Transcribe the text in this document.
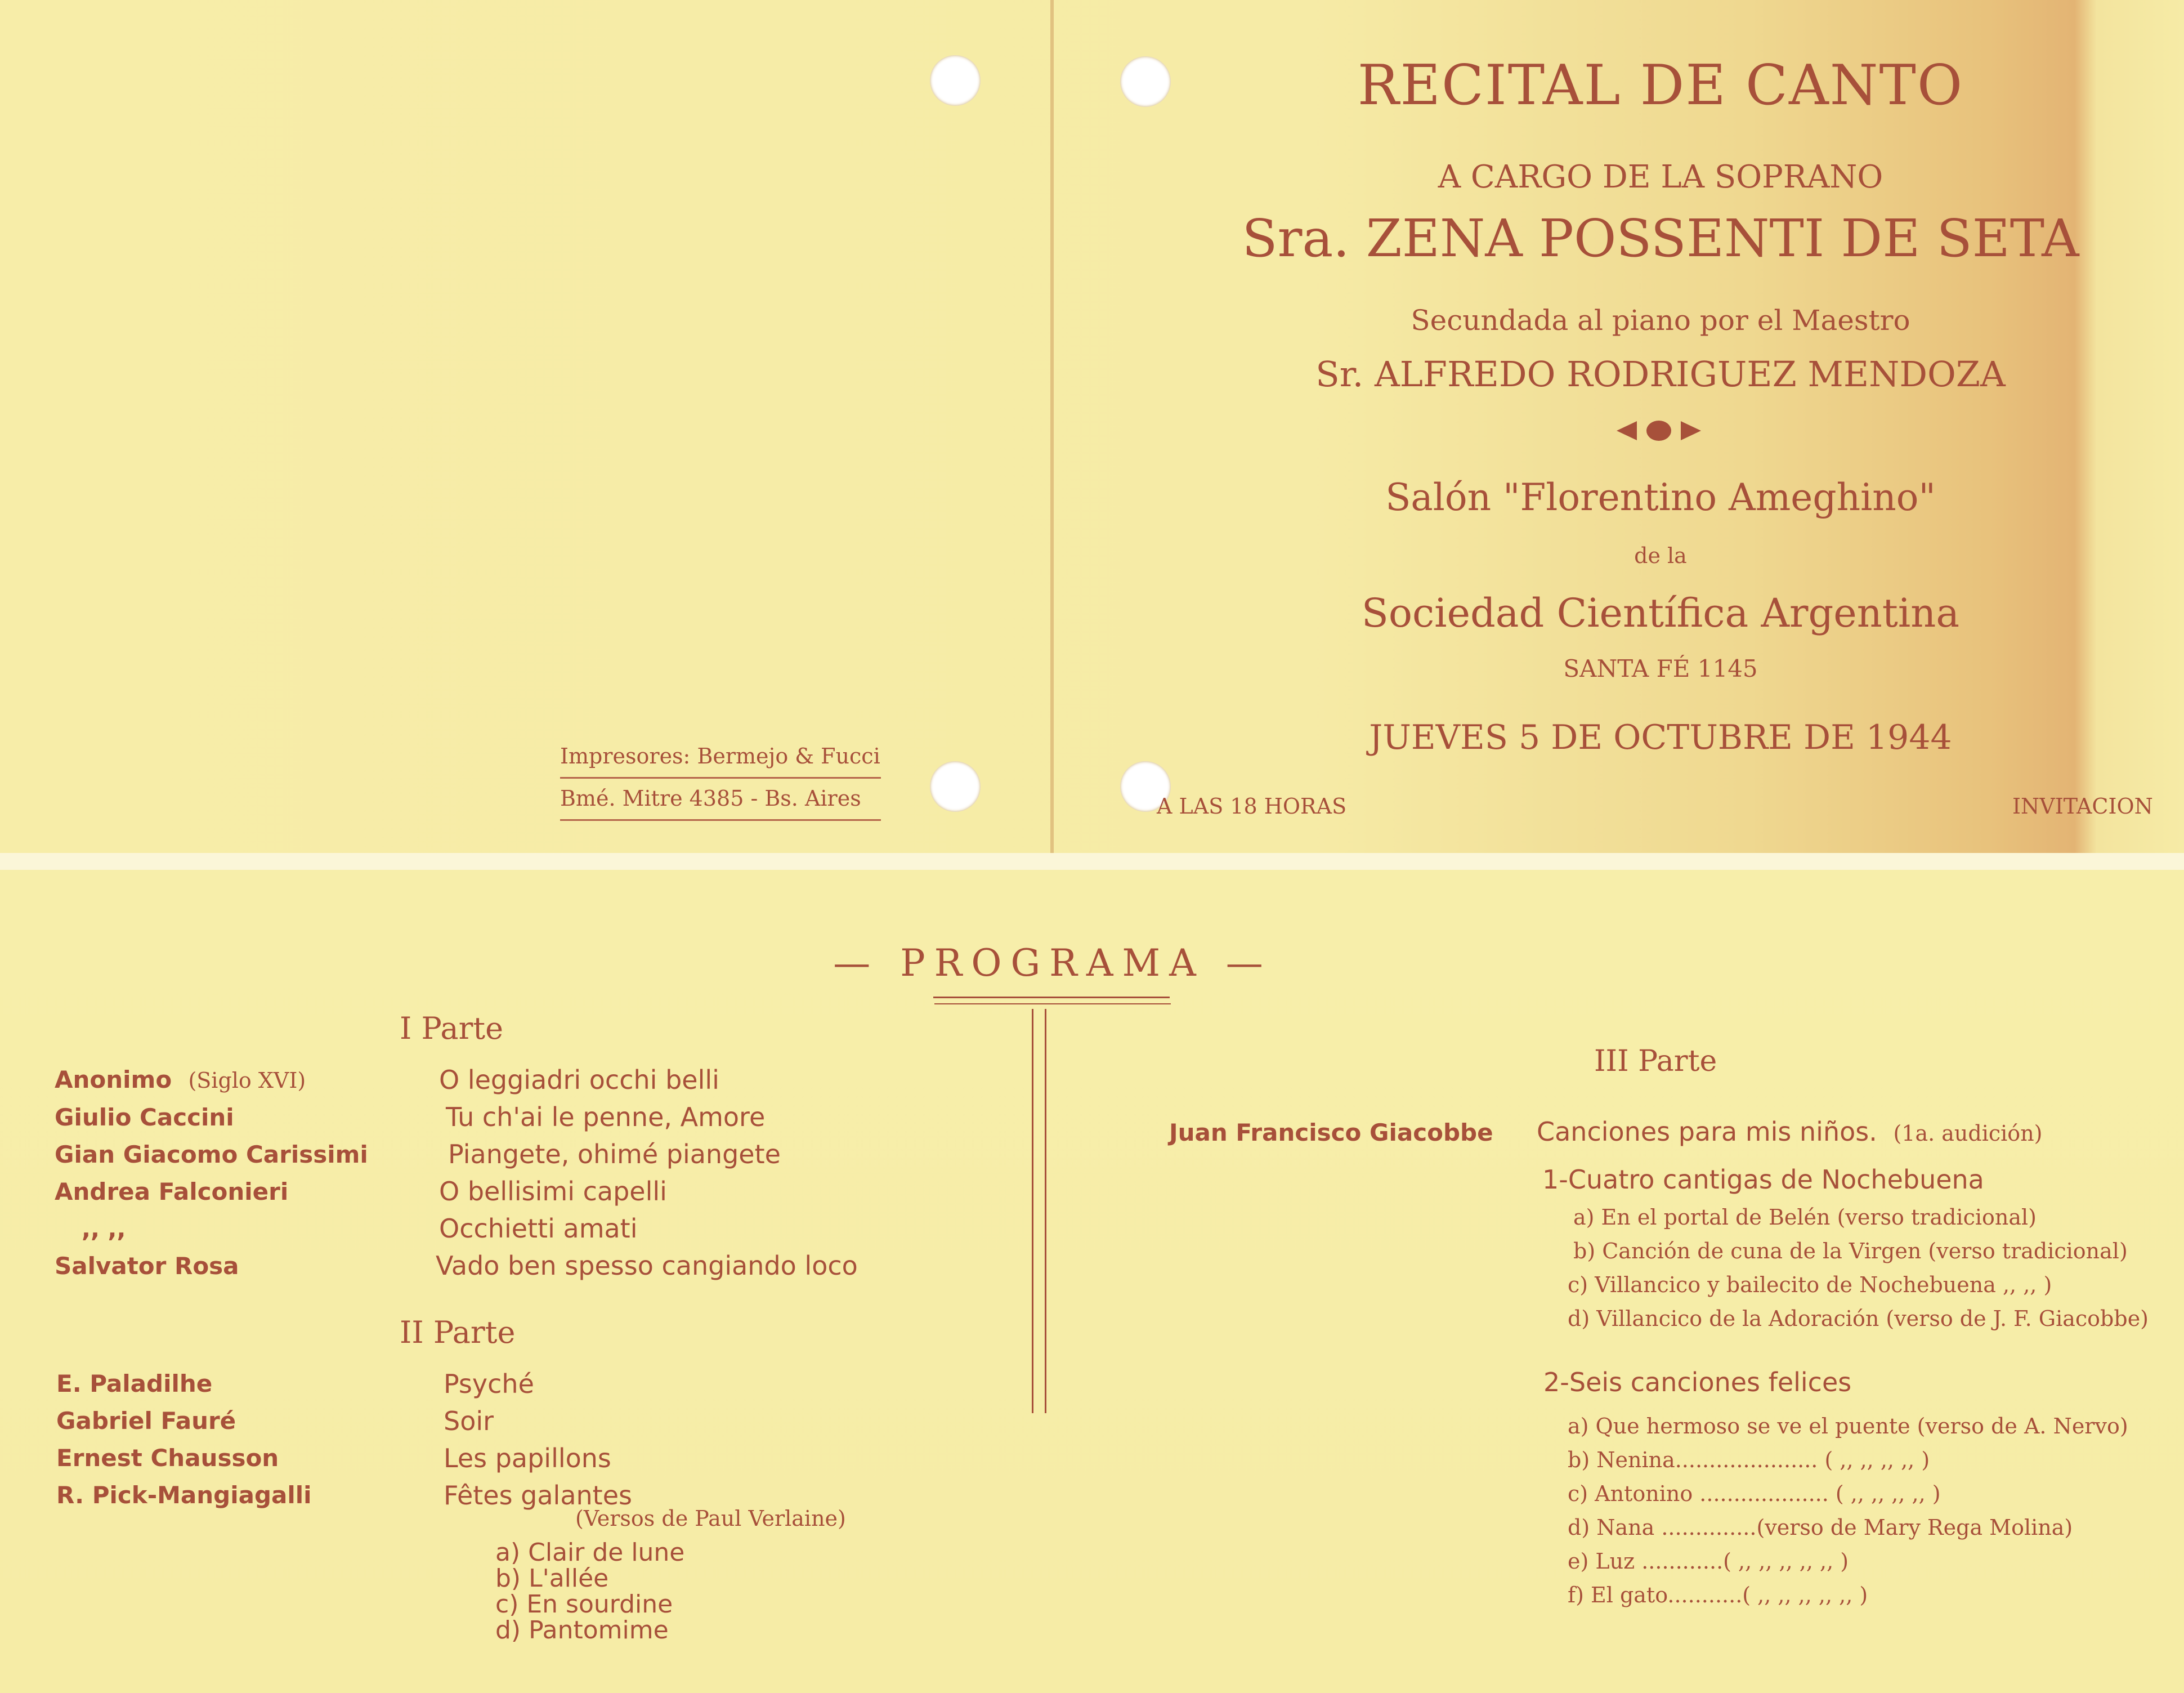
Impresores: Bermejo & Fucci
Bmé. Mitre 4385 - Bs. Aires
RECITAL DE CANTO
A CARGO DE LA SOPRANO
Sra. ZENA POSSENTI DE SETA
Secundada al piano por el Maestro
Sr. ALFREDO RODRIGUEZ MENDOZA
Salón "Florentino Ameghino"
de la
Sociedad Científica Argentina
SANTA FÉ 1145
JUEVES 5 DE OCTUBRE DE 1944
A LAS 18 HORAS	INVITACION
— PROGRAMA —
I Parte
Anonimo (Siglo XVI)
Giulio Caccini
Gian Giacomo Carissimi
Andrea Falconieri
,, ,,
Salvator Rosa
O leggiadri occhi belli
Tu ch'ai le penne, Amore
Piangete, ohimé piangete
O bellisimi capelli
Occhietti amati
Vado ben spesso cangiando loco
II Parte
E. Paladilhe
Gabriel Fauré
Ernest Chausson
R. Pick-Mangiagalli
Psyché
Soir
Les papillons
Fêtes galantes
(Versos de Paul Verlaine)
a) Clair de lune
b) L'allée
c) En sourdine
d) Pantomime
III Parte
Juan Francisco Giacobbe Canciones para mis niños. (1a. audición)
1-Cuatro cantigas de Nochebuena
a) En el portal de Belén (verso tradicional)
b) Canción de cuna de la Virgen (verso tradicional)
c) Villancico y bailecito de Nochebuena ,, ,, )
d) Villancico de la Adoración (verso de J. F. Giacobbe)
2-Seis canciones felices
a) Que hermoso se ve el puente (verso de A. Nervo)
b) Nenina..................... ( ,, ,, ,, ,, )
c) Antonino ................... ( ,, ,, ,, ,, )
d) Nana ..............(verso de Mary Rega Molina)
e) Luz ............( ,, ,, ,, ,, ,, )
f) El gato...........( ,, ,, ,, ,, ,, )
